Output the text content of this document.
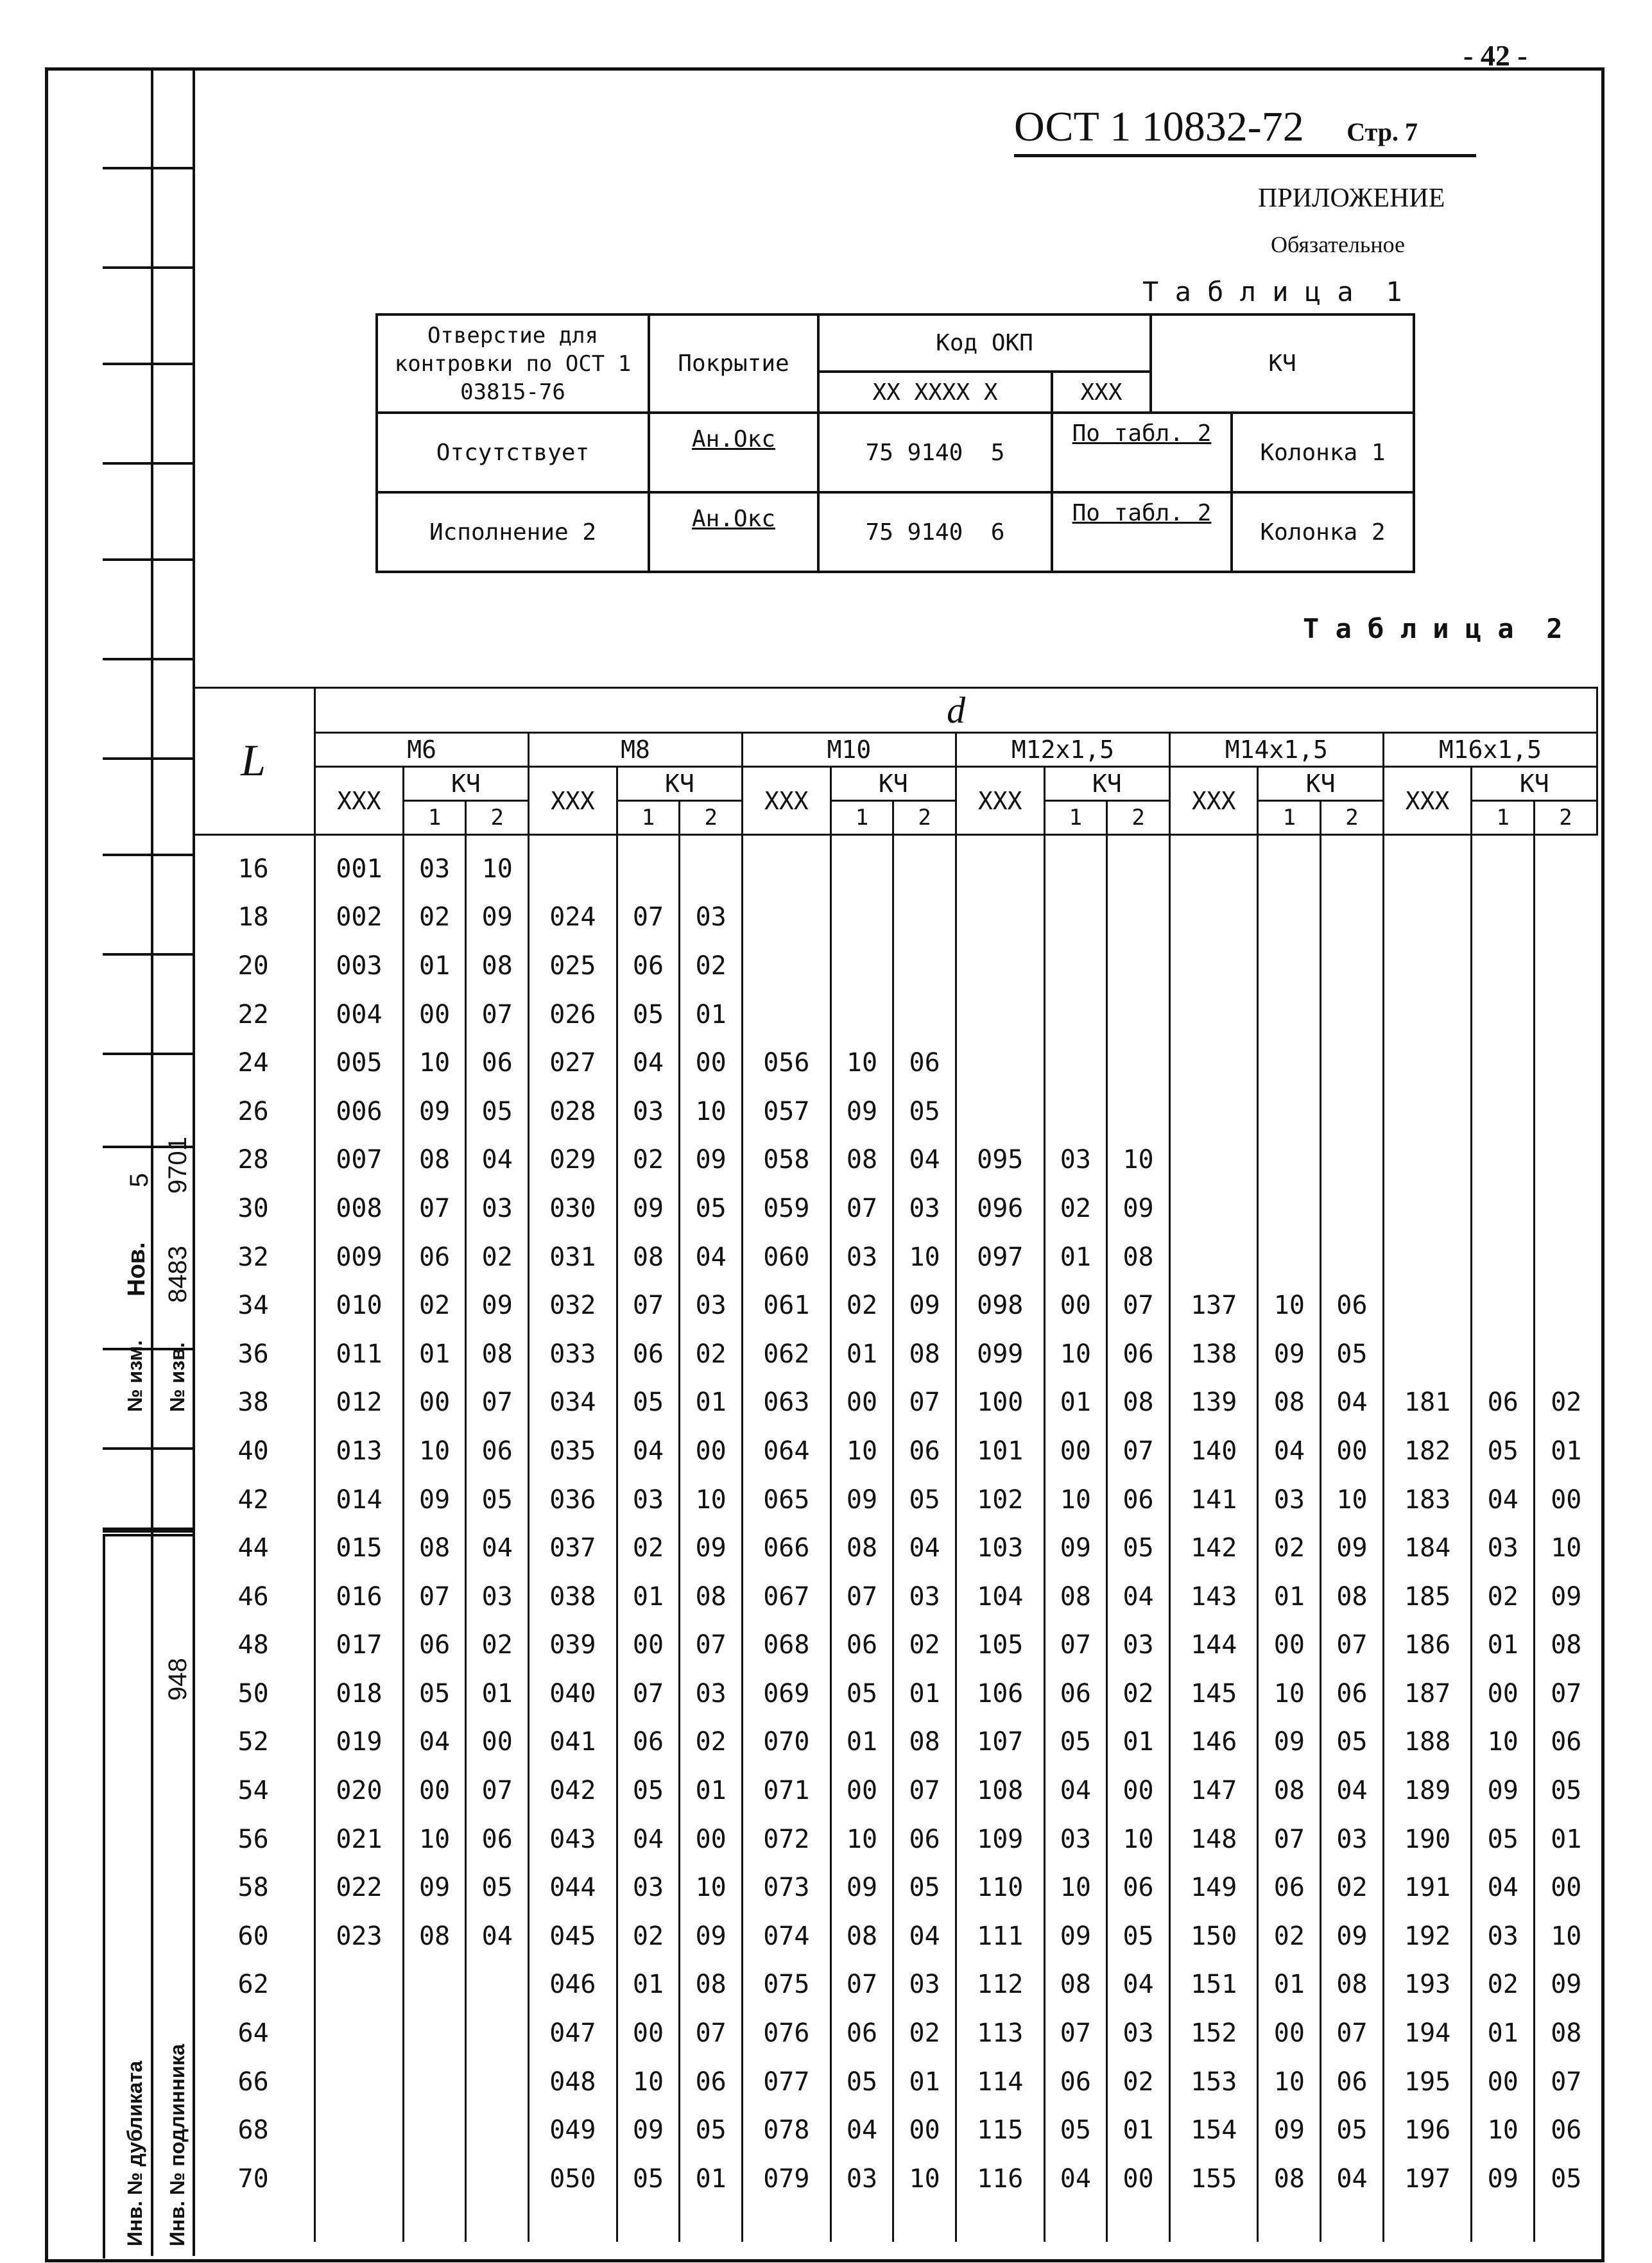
- 42 -
5 9701
Нов. 8483
№ изм. № изв.
948
Инв. № дубликата Инв. № подлинника
ОСТ 1 10832-72 Стр. 7
ПРИЛОЖЕНИЕ
Обязательное
Т а б л и ц а  1
Отверстие для контровки по ОСТ 1 03815-76	Покрытие	Код ОКП		КЧ	
		ХХ ХХХХ Х	ХХХ		
Отсутствует	Ан.Окс	75 9140  5	По табл. 2		Колонка 1

Исполнение 2	Ан.Окс	75 9140  6	По табл. 2		Колонка 2

Т а б л и ц а  2
L	d																	
	M6			M8			M10			M12x1,5			M14x1,5			M16x1,5		
	XXX	КЧ		XXX	КЧ		XXX	КЧ		XXX	КЧ		XXX	КЧ		XXX	КЧ	
		1	2		1	2		1	2		1	2		1	2		1	2
16	001	03	10															
18	002	02	09	024	07	03												
20	003	01	08	025	06	02												
22	004	00	07	026	05	01												
24	005	10	06	027	04	00	056	10	06									
26	006	09	05	028	03	10	057	09	05									
28	007	08	04	029	02	09	058	08	04	095	03	10						
30	008	07	03	030	09	05	059	07	03	096	02	09						
32	009	06	02	031	08	04	060	03	10	097	01	08						
34	010	02	09	032	07	03	061	02	09	098	00	07	137	10	06			
36	011	01	08	033	06	02	062	01	08	099	10	06	138	09	05			
38	012	00	07	034	05	01	063	00	07	100	01	08	139	08	04	181	06	02
40	013	10	06	035	04	00	064	10	06	101	00	07	140	04	00	182	05	01
42	014	09	05	036	03	10	065	09	05	102	10	06	141	03	10	183	04	00
44	015	08	04	037	02	09	066	08	04	103	09	05	142	02	09	184	03	10
46	016	07	03	038	01	08	067	07	03	104	08	04	143	01	08	185	02	09
48	017	06	02	039	00	07	068	06	02	105	07	03	144	00	07	186	01	08
50	018	05	01	040	07	03	069	05	01	106	06	02	145	10	06	187	00	07
52	019	04	00	041	06	02	070	01	08	107	05	01	146	09	05	188	10	06
54	020	00	07	042	05	01	071	00	07	108	04	00	147	08	04	189	09	05
56	021	10	06	043	04	00	072	10	06	109	03	10	148	07	03	190	05	01
58	022	09	05	044	03	10	073	09	05	110	10	06	149	06	02	191	04	00
60	023	08	04	045	02	09	074	08	04	111	09	05	150	02	09	192	03	10
62				046	01	08	075	07	03	112	08	04	151	01	08	193	02	09
64				047	00	07	076	06	02	113	07	03	152	00	07	194	01	08
66				048	10	06	077	05	01	114	06	02	153	10	06	195	00	07
68				049	09	05	078	04	00	115	05	01	154	09	05	196	10	06
70				050	05	01	079	03	10	116	04	00	155	08	04	197	09	05
